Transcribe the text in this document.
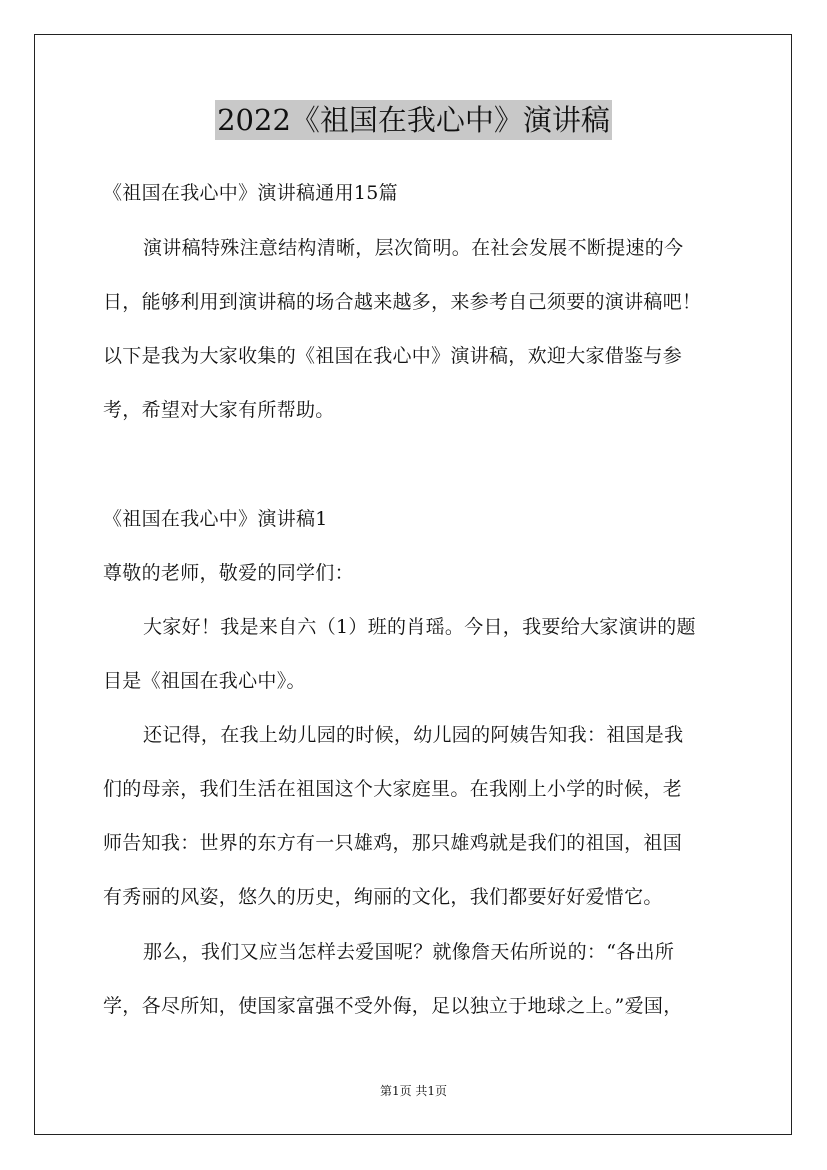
2022《祖国在我心中》演讲稿
《祖国在我心中》演讲稿通用15篇
演讲稿特殊注意结构清晰，层次简明。在社会发展不断提速的今
日，能够利用到演讲稿的场合越来越多，来参考自己须要的演讲稿吧！
以下是我为大家收集的《祖国在我心中》演讲稿，欢迎大家借鉴与参
考，希望对大家有所帮助。
《祖国在我心中》演讲稿1
尊敬的老师，敬爱的同学们：
大家好！我是来自六（1）班的肖瑶。今日，我要给大家演讲的题
目是《祖国在我心中》。
还记得，在我上幼儿园的时候，幼儿园的阿姨告知我：祖国是我
们的母亲，我们生活在祖国这个大家庭里。在我刚上小学的时候，老
师告知我：世界的东方有一只雄鸡，那只雄鸡就是我们的祖国，祖国
有秀丽的风姿，悠久的历史，绚丽的文化，我们都要好好爱惜它。
那么，我们又应当怎样去爱国呢？就像詹天佑所说的：“各出所
学，各尽所知，使国家富强不受外侮，足以独立于地球之上。”爱国，
第1页 共1页
